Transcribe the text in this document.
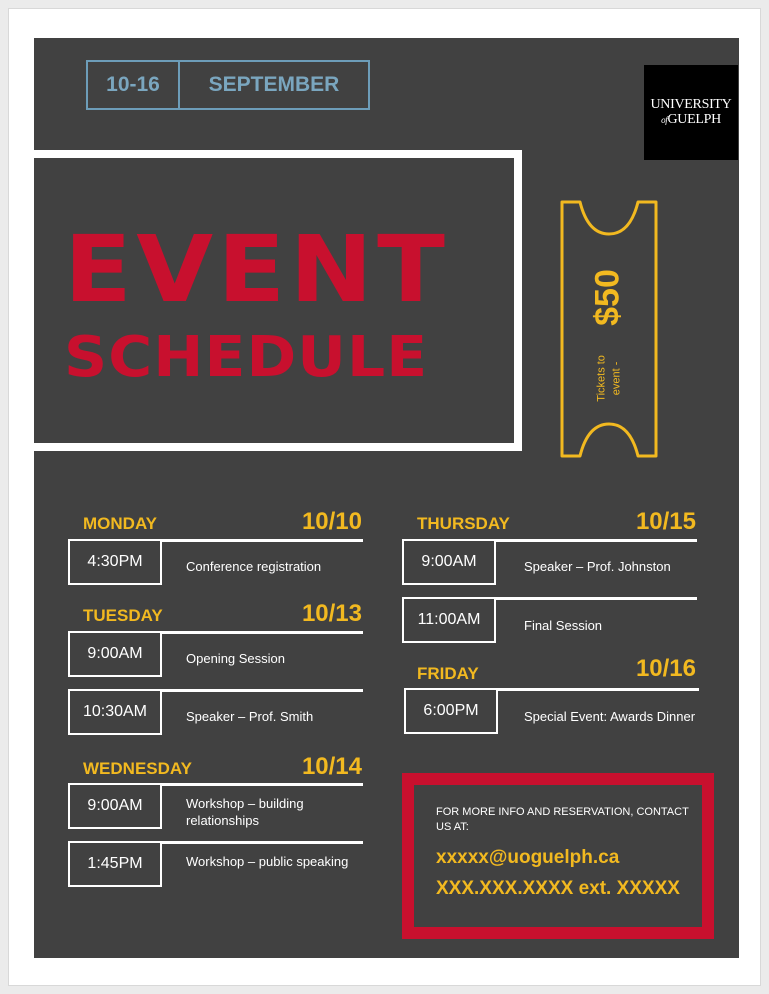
10-16	SEPTEMBER
UNIVERSITY
ofGUELPH
EVENT
SCHEDULE
$50
Tickets to event -
MONDAY	10/10
4:30PM	Conference registration
TUESDAY	10/13
9:00AM	Opening Session
10:30AM	Speaker – Prof. Smith
WEDNESDAY	10/14
9:00AM	Workshop – building relationships
1:45PM	Workshop – public speaking
THURSDAY	10/15
9:00AM	Speaker – Prof. Johnston
11:00AM	Final Session
FRIDAY	10/16
6:00PM	Special Event: Awards Dinner
FOR MORE INFO AND RESERVATION, CONTACT US AT:
xxxxx@uoguelph.ca
XXX.XXX.XXXX ext. XXXXX
